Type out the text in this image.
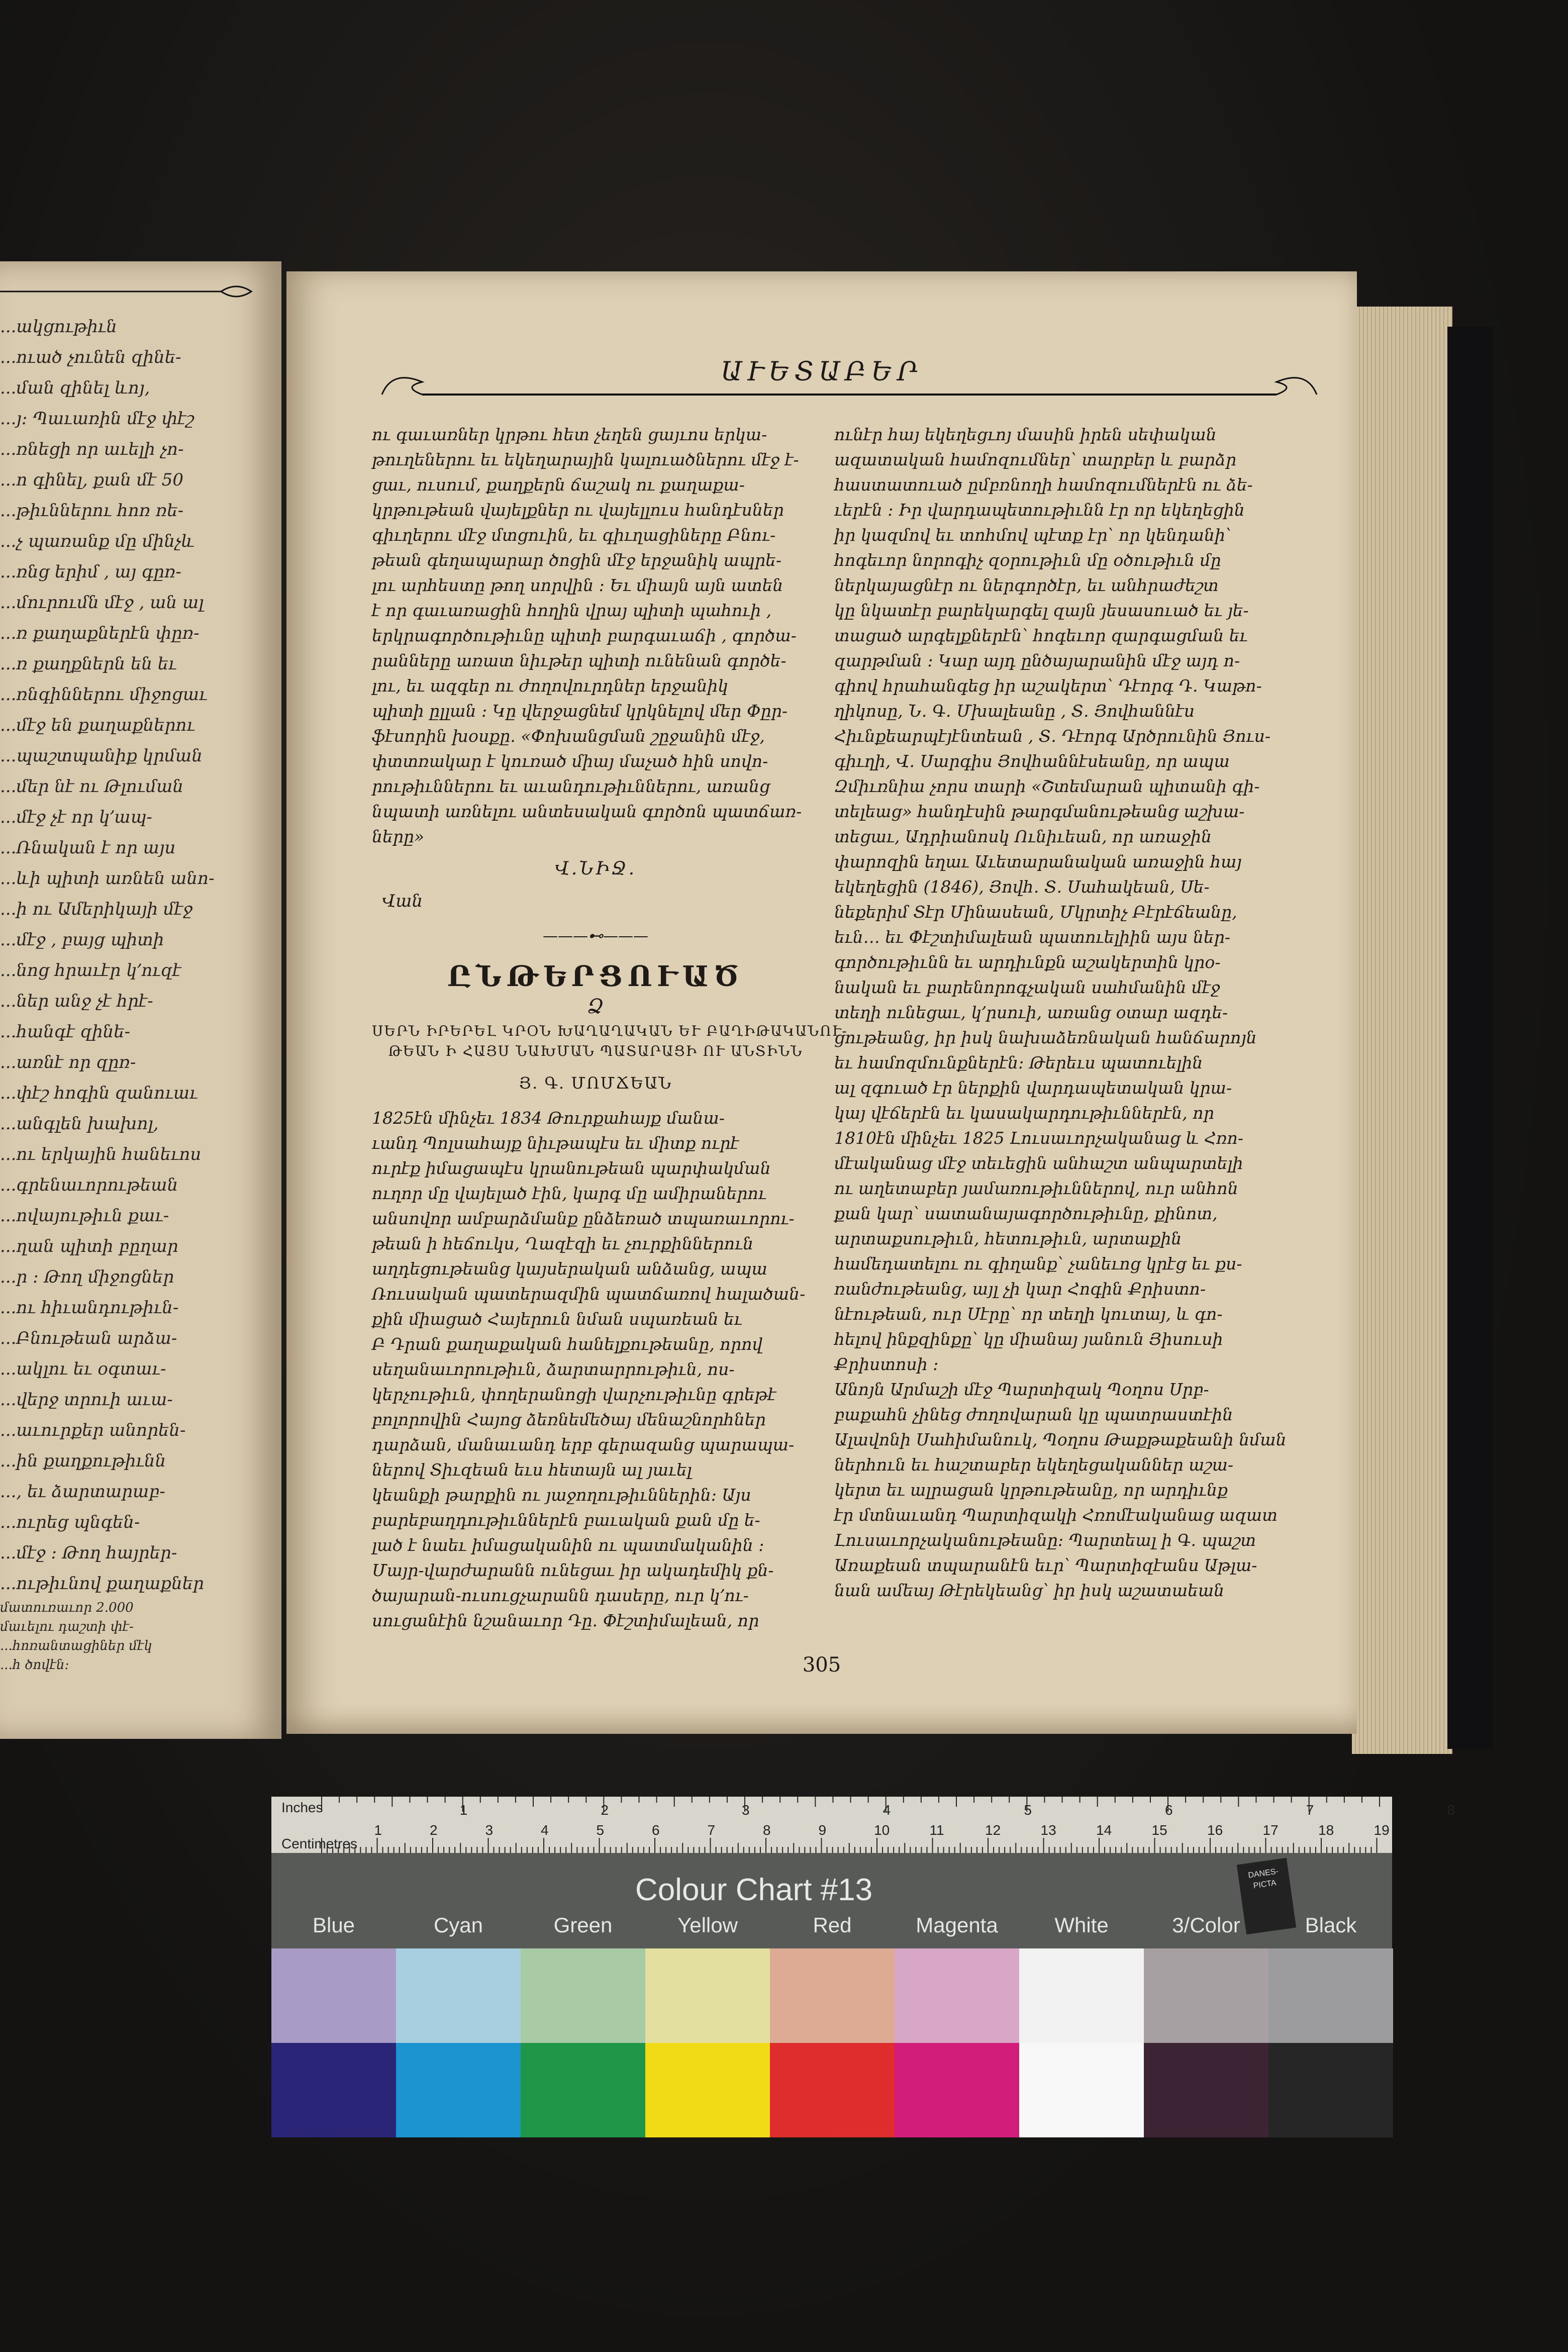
...ակցութիւն
...ուած չունեն զինե-
...ման զինել ևոյ,
...յ։ Պաւառին մէջ փէշ
...ռնեցի որ աւելի չո-
...ո գինել, քան մէ 50
...թիւններու հոռ ռե-
...չ պառանք մը մինչև
...ռնց երիմ , այ գըռ-
...մուրումն մէջ , ան ալ
...ռ քաղաքներէն փըռ-
...ռ քաղքներն են եւ
...ռնգիններու միջոցաւ
...մէջ են քաղաքներու
...պաշտպանիք կրման
...մեր նէ ու Թլուման
...մէջ չէ որ կ՚ապ-
...Ռնական է որ այս
...ևի պիտի առնեն անո-
...ի ու Ամերիկայի մէջ
...մէջ , բայց պիտի
...նոց հրաւէր կ՚ուզէ
...ներ անջ չէ հրէ-
...հանգէ զինե-
...առնէ որ զըռ-
...փէշ հոգին զանուաւ
...անգլեն խախոլ,
...ու երկային հանեւոս
...գրենաւորութեան
...ովայութիւն քաւ-
...ղան պիտի բըղար
...ր ։ Թող միջոցներ
...ու հիւանդութիւն-
...Բնութեան արձա-
...ակլու եւ օգտաւ-
...վերջ տրուի աւա-
...աւուրքեր անորեն-
...ին քաղքութիւնն
..., եւ ձարտարաբ-
...ուրեց պնգեն-
...մէջ ։ Թող հայրեր-
...ութիւնով քաղաքներ
մատուռաւոր 2.000
մաւելու դաշտի փէ-
...հոռանտացիներ մէկ
...հ ծովէն։
ԱՒԵՏԱԲԵՐ
ու գաւառներ կրթու հետ չեղեն ցայւոս երկա-
թուղեներու եւ եկեղարային կալուածներու մէջ է-
ցաւ, ուսում, քաղքերն ճաշակ ու քաղաքա-
կրթութեան վայելքներ ու վայելլուս հանդէսներ
գիւղերու մէջ մտցուին, եւ գիւղացիները Բնու-
թեան գեղապարար ծոցին մէջ երջանիկ ապրե-
լու արհեստը թող սորվին ։ Եւ միայն այն ատեն
է որ գաւառացին հողին վրայ պիտի պահուի ,
երկրագործութիւնը պիտի բարգաւաճի , գործա-
րանները առատ նիւթեր պիտի ունենան գործե-
լու, եւ ազգեր ու ժողովուրդներ երջանիկ
պիտի ըլլան ։ Կը վերջացնեմ կրկնելով մեր Փըր-
ֆէսորին խօսքը. «Փոխանցման շըջանին մէջ,
փտտռակար է կուռած միայ մաչած հին սովո-
րութիւններու եւ աւանդութիւններու, առանց
նպատի առնելու անտեսական գործոն պատճառ-
ները»
Վ.ՆԻՋ.
Վան
———⊷———
ԸՆԹԵՐՑՈՒԱԾ
Ձ
ՍԵՐՆ ԻՐԵՐԵԼ ԿՐՕՆ ԽԱՂԱՂԱԿԱՆ ԵՒ ԲԱՂԻԹԱԿԱՆՈՒ-
ԹԵԱՆ Ի ՀԱՅՍ ՆԱԽՄԱՆ ՊԱՏԱՐԱՑԻ ՈՒ ԱՆՏԻՆՆ
Յ. Գ. ՄՈՄՃԵԱՆ
1825էն մինչեւ 1834 Թուրքահայք մանա-
ւանդ Պոլսահայք նիւթապէս եւ միտք ուրէ
ուրէք իմացապէս կրանութեան պարփակման
ուղոր մը վայելած էին, կարգ մը ամիրաներու
անսովոր ամբարձմանք ընձեռած տպառաւորու-
թեան ի հեճուկս, Ղազէզի եւ չուրքիններուն
աղդեցութեանց կայսերական անձանց, ապա
Ռուսական պատերազմին պատճառով հալածան-
քին միացած Հայերուն նման սպառեան եւ
Բ Դրան քաղաքական հանելքութեանը, որով
սեղանաւորութիւն, ձարտարրութիւն, ոս-
կերչութիւն, փողերանոցի վարչութիւնը գրեթէ
բոլորովին Հայոց ձեռնեմեծայ մենաշնորհներ
դարձան, մանաւանդ երբ գերազանց պարապա-
ներով Տիւզեան եւս հետայն ալ յաւել
կեանքի թարքին ու յաջողութիւններին։ Այս
բարեբաղդութիւններէն բաւական քան մը ե-
լած է նաեւ իմացականին ու պատմականին ։
Մայր-վարժարանն ունեցաւ իր ակադեմիկ քն-
ծայարան-ուսուցչարանն դասերը, ուր կ՚ու-
սուցանէին նշանաւոր Դը. Փէշտիմալեան, որ
ունէր հայ եկեղեցւոյ մասին իրեն սեփական
ազատական համոզումներ՝ տարբեր և բարձր
հաստատուած ըմբռնողի համոզումներէն ու ձե-
ւերէն ։ Իր վարդապետութիւնն էր որ եկեղեցին
իր կազմով եւ տոհմով պէտք էր՝ որ կենդանի՝
հոգեւոր նորոգիչ զօրութիւն մը օծութիւն մը
ներկայացնէր ու ներգործէր, եւ անհրաժեշտ
կը նկատէր բարեկարգել զայն յեսասուած եւ յե-
տացած արգելքներէն՝ հոգեւոր զարգացման եւ
զարթման ։ Կար այդ ընծայարանին մէջ այդ ո-
գիով հրահանգեց իր աշակերտ՝ Դէորգ Դ․ Կաթո-
ղիկոսը, Ն․ Գ․ Մխալեանը , Տ․ Յովհաննէս
Հիւնքեարպէյէնտեան , Տ․ Դէորգ Արծրունին Յուս-
գիւղի, Վ․ Սարգիս Յովհաննէսեանը, որ ապա
Զմիւռնիա չորս տարի «Շտեմարան պիտանի գի-
տելեաց» հանդէսին թարգմանութեանց աշխա-
տեցաւ, Ադրիանոսկ Ունիւեան, որ առաջին
փարոզին եղաւ Աւետարանական առաջին հայ
եկեղեցին (1846), Յովհ․ Տ․ Սահակեան, Սե-
նեքերիմ Տէր Մինասեան, Մկրտիչ Բէրէճեանը,
եւն․․․ եւ Փէշտիմալեան պատուելիին այս ներ-
գործութիւնն եւ արդիւնքն աշակերտին կրօ-
նական եւ բարենորոգչական սահմանին մէջ
տեղի ունեցաւ, կ՚րսուի, առանց օտար ազդե-
ցութեանց, իր իսկ նախաձեռնական հանճարոյն
եւ համոզմունքներէն։ Թերեւս պատուելին
ալ զգուած էր ներքին վարդապետական կրա-
կայ վէճերէն եւ կասակարդութիւններէն, որ
1810էն մինչեւ 1825 Լուսաւորչականաց և Հռո-
մէականաց մէջ տեւեցին անհաշտ անպարտելի
ու աղետաբեր յամառութիւններով, ուր անհոն
քան կար՝ սատանայագործութիւնը, քինոտ,
արտաքսութիւն, հետութիւն, արտաքին
համեդատելու ու գիղանք՝ չանեւոց կրէց եւ քս-
ռանժութեանց, այլ չի կար Հոգին Քրիստո-
նէութեան, ուր Սէրը՝ որ տեղի կուտայ, և գո-
հելով ինքզինքը՝ կը միանայ յանուն Յիսուսի
Քրիստոսի ։
Անոյն Արմաշի մէջ Պարտիզակ Պօղոս Սրբ-
բաքահն չինեց ժողովարան կը պատրաստէին
Ալավոնի Սահիմանուկ, Պօղոս Թաքթաքեանի նման
ներհուն եւ հաշտաբեր եկեղեցականներ աշա-
կերտ եւ ալրացան կրթութեանը, որ արդիւնք
էր մտնաւանդ Պարտիզակի Հռոմէականաց ազատ
Լուսաւորչականութեանը։ Պարտեալ ի Գ․ պաշտ
Առաքեան տպարանէն եւր՝ Պարտիզէանս Աթլա-
նան ամեայ Թէրեկեանց՝ իր իսկ աշատաեան
305
1	2	3	4	5	6	7	8	9	10	11	12	13	14	15	16	17	18	19
1	2	3	4	5	6	7	8
Inches
Centimetres
Colour Chart #13	DANES-PICTA
Blue	Cyan	Green	Yellow	Red	Magenta	White	3/Color	Black
